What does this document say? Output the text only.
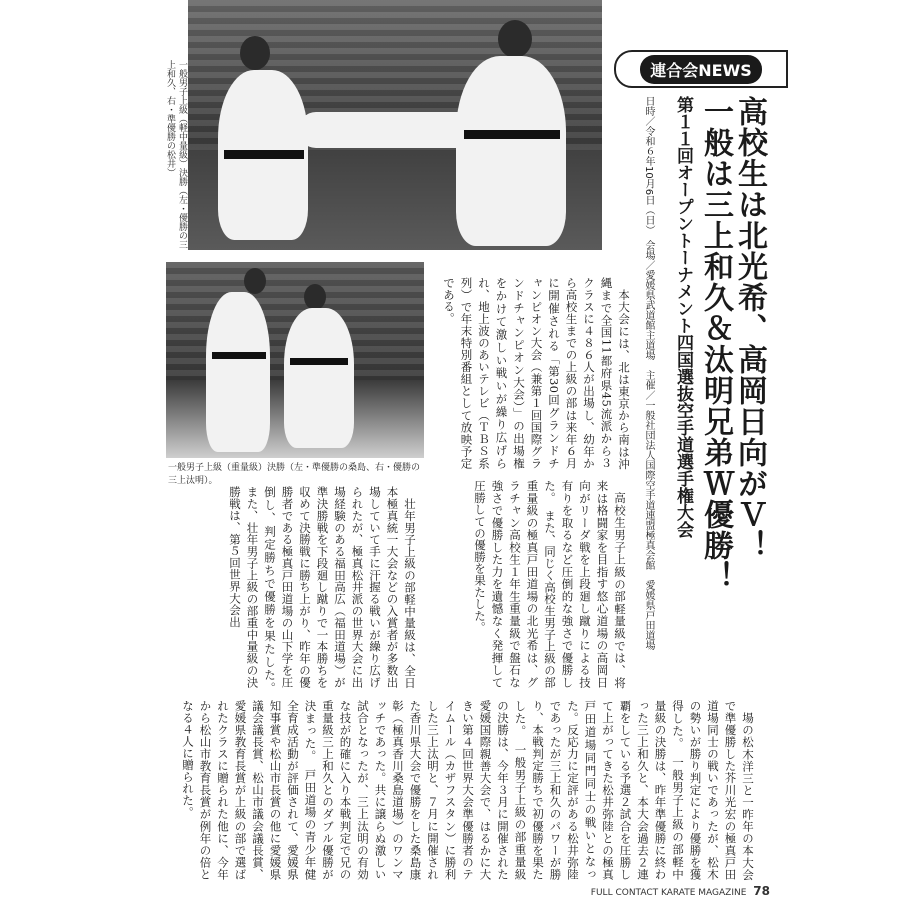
一般男子上級（軽中量級）決勝（左・優勝の三上和久、右・準優勝の松井）
一般男子上級（重量級）決勝（左・準優勝の桑島、右・優勝の三上汰明）。
連合会NEWS
高校生は北光希、高岡日向がＶ！
一般は三上和久＆汰明兄弟Ｗ優勝！
第１１回オープントーナメント四国選抜空手道選手権大会
日時／令和６年10月6日（日）　会場／愛媛県武道館主道場　主催／一般社団法人国際空手道連盟極真会館　愛媛県戸田道場

本大会には、北は東京から南は沖縄まで全国11都府県45流派から３クラスに４８６人が出場し、幼年から高校生までの上級の部は来年６月に開催される「第30回グランドチャンピオン大会（兼第１回国際グランドチャンピオン大会）」の出場権をかけて激しい戦いが繰り広げられ、地上波のあいテレビ（ＴＢＳ系列）で年末特別番組として放映予定である。

高校生男子上級の部軽量級では、将来は格闘家を目指す悠心道場の高岡日向がリーダ戦を上段廻し蹴りによる技有りを取るなど圧倒的な強さで優勝した。　また、同じく高校生男子上級の部重量級の極真戸田道場の北光希は、グラチャン高校生１年生重量級で盤石な強さで優勝した力を遺憾なく発揮して圧勝しての優勝を果たした。

壮年男子上級の部軽中量級は、全日本極真統一大会などの入賞者が多数出場していて手に汗握る戦いが繰り広げられたが、極真松井派の世界大会に出場経験のある福田高広（福田道場）が準決勝戦を下段廻し蹴りで一本勝ちを収めて決勝戦に勝ち上がり、昨年の優勝者である極真戸田道場の山下学を圧倒し、判定勝ちで優勝を果たした。　また、壮年男子上級の部重中量級の決勝戦は、第５回世界大会出

場の松木洋三と一昨年の本大会で準優勝した芥川光宏の極真戸田道場同士の戦いであったが、松木の勢いが勝り判定により優勝を獲得した。　一般男子上級の部軽中量級の決勝は、昨年準優勝に終わった三上和久と、本大会過去２連覇をしている予選２試合を圧勝して上がってきた松井弥陸との極真戸田道場同門同士の戦いとなった。反応力に定評がある松井弥陸であったが三上和久のパワーが勝り、本戦判定勝ちで初優勝を果たした。　一般男子上級の部重量級の決勝は、今年３月に開催された愛媛国際親善大会で、はるかに大きい第４回世界大会準優勝者のテイムール（カザフスタン）に勝利した三上汰明と、７月に開催された香川県大会で優勝をした桑島康彰（極真香川桑島道場）のワンマッチであった。共に譲らぬ激しい試合となったが、三上汰明の有効な技が的確に入り本戦判定で兄の重量級三上和久とのダブル優勝が決まった。　戸田道場の青少年健全育成活動が評価されて、愛媛県知事賞や松山市長賞の他に愛媛県議会議長賞、松山市議会議長賞、愛媛県教育長賞が上級の部で選ばれたクラスに贈られた他に、今年から松山市教育長賞が例年の倍となる４人に贈られた。

FULL CONTACT KARATE MAGAZINE 78
